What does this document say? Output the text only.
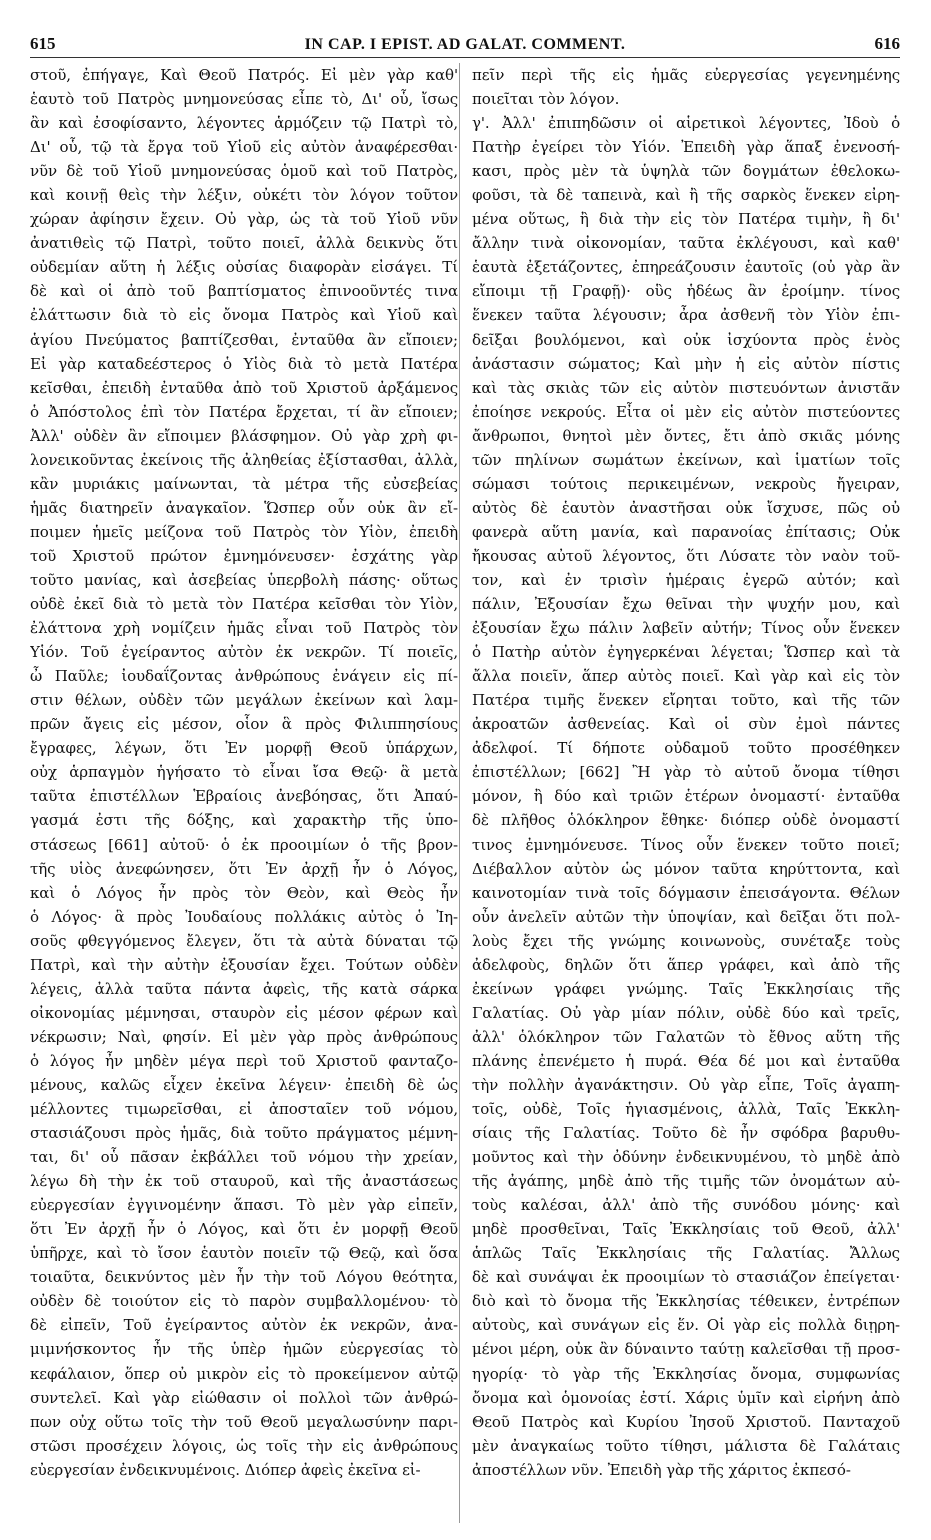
615	IN CAP. I EPIST. AD GALAT. COMMENT.	616
στοῦ, ἐπήγαγε, Καὶ Θεοῦ Πατρός. Εἰ μὲν γὰρ καθ'
ἑαυτὸ τοῦ Πατρὸς μνημονεύσας εἶπε τὸ, Δι' οὗ, ἴσως
ἂν καὶ ἐσοφίσαντο, λέγοντες ἁρμόζειν τῷ Πατρὶ τὸ,
Δι' οὗ, τῷ τὰ ἔργα τοῦ Υἱοῦ εἰς αὐτὸν ἀναφέρεσθαι·
νῦν δὲ τοῦ Υἱοῦ μνημονεύσας ὁμοῦ καὶ τοῦ Πατρὸς,
καὶ κοινῇ θεὶς τὴν λέξιν, οὐκέτι τὸν λόγον τοῦτον
χώραν ἀφίησιν ἔχειν. Οὐ γὰρ, ὡς τὰ τοῦ Υἱοῦ νῦν
ἀνατιθεὶς τῷ Πατρὶ, τοῦτο ποιεῖ, ἀλλὰ δεικνὺς ὅτι
οὐδεμίαν αὕτη ἡ λέξις οὐσίας διαφορὰν εἰσάγει. Τί
δὲ καὶ οἱ ἀπὸ τοῦ βαπτίσματος ἐπινοοῦντές τινα
ἐλάττωσιν διὰ τὸ εἰς ὄνομα Πατρὸς καὶ Υἱοῦ καὶ
ἁγίου Πνεύματος βαπτίζεσθαι, ἐνταῦθα ἂν εἴποιεν;
Εἰ γὰρ καταδεέστερος ὁ Υἱὸς διὰ τὸ μετὰ Πατέρα
κεῖσθαι, ἐπειδὴ ἐνταῦθα ἀπὸ τοῦ Χριστοῦ ἀρξάμενος
ὁ Ἀπόστολος ἐπὶ τὸν Πατέρα ἔρχεται, τί ἂν εἴποιεν;
Ἀλλ' οὐδὲν ἂν εἴποιμεν βλάσφημον. Οὐ γὰρ χρὴ φι-
λονεικοῦντας ἐκείνοις τῆς ἀληθείας ἐξίστασθαι, ἀλλὰ,
κἂν μυριάκις μαίνωνται, τὰ μέτρα τῆς εὐσεβείας
ἡμᾶς διατηρεῖν ἀναγκαῖον. Ὥσπερ οὖν οὐκ ἂν εἴ-
ποιμεν ἡμεῖς μείζονα τοῦ Πατρὸς τὸν Υἱὸν, ἐπειδὴ
τοῦ Χριστοῦ πρώτον ἐμνημόνευσεν· ἐσχάτης γὰρ
τοῦτο μανίας, καὶ ἀσεβείας ὑπερβολὴ πάσης· οὕτως
οὐδὲ ἐκεῖ διὰ τὸ μετὰ τὸν Πατέρα κεῖσθαι τὸν Υἱὸν,
ἐλάττονα χρὴ νομίζειν ἡμᾶς εἶναι τοῦ Πατρὸς τὸν
Υἱόν. Τοῦ ἐγείραντος αὐτὸν ἐκ νεκρῶν. Τί ποιεῖς,
ὦ Παῦλε; ἰουδαΐζοντας ἀνθρώπους ἐνάγειν εἰς πί-
στιν θέλων, οὐδὲν τῶν μεγάλων ἐκείνων καὶ λαμ-
πρῶν ἄγεις εἰς μέσον, οἷον ἃ πρὸς Φιλιππησίους
ἔγραφες, λέγων, ὅτι Ἐν μορφῇ Θεοῦ ὑπάρχων,
οὐχ ἁρπαγμὸν ἡγήσατο τὸ εἶναι ἴσα Θεῷ· ἃ μετὰ
ταῦτα ἐπιστέλλων Ἑβραίοις ἀνεβόησας, ὅτι Ἀπαύ-
γασμά ἐστι τῆς δόξης, καὶ χαρακτὴρ τῆς ὑπο-
στάσεως [661] αὐτοῦ· ὁ ἐκ προοιμίων ὁ τῆς βρον-
τῆς υἱὸς ἀνεφώνησεν, ὅτι Ἐν ἀρχῇ ἦν ὁ Λόγος,
καὶ ὁ Λόγος ἦν πρὸς τὸν Θεὸν, καὶ Θεὸς ἦν
ὁ Λόγος· ἃ πρὸς Ἰουδαίους πολλάκις αὐτὸς ὁ Ἰη-
σοῦς φθεγγόμενος ἔλεγεν, ὅτι τὰ αὐτὰ δύναται τῷ
Πατρὶ, καὶ τὴν αὐτὴν ἐξουσίαν ἔχει. Τούτων οὐδὲν
λέγεις, ἀλλὰ ταῦτα πάντα ἀφεὶς, τῆς κατὰ σάρκα
οἰκονομίας μέμνησαι, σταυρὸν εἰς μέσον φέρων καὶ
νέκρωσιν; Ναὶ, φησίν. Εἰ μὲν γὰρ πρὸς ἀνθρώπους
ὁ λόγος ἦν μηδὲν μέγα περὶ τοῦ Χριστοῦ φανταζο-
μένους, καλῶς εἶχεν ἐκεῖνα λέγειν· ἐπειδὴ δὲ ὡς
μέλλοντες τιμωρεῖσθαι, εἰ ἀποσταῖεν τοῦ νόμου,
στασιάζουσι πρὸς ἡμᾶς, διὰ τοῦτο πράγματος μέμνη-
ται, δι' οὗ πᾶσαν ἐκβάλλει τοῦ νόμου τὴν χρείαν,
λέγω δὴ τὴν ἐκ τοῦ σταυροῦ, καὶ τῆς ἀναστάσεως
εὐεργεσίαν ἐγγινομένην ἅπασι. Τὸ μὲν γὰρ εἰπεῖν,
ὅτι Ἐν ἀρχῇ ἦν ὁ Λόγος, καὶ ὅτι ἐν μορφῇ Θεοῦ
ὑπῆρχε, καὶ τὸ ἴσον ἑαυτὸν ποιεῖν τῷ Θεῷ, καὶ ὅσα
τοιαῦτα, δεικνύντος μὲν ἦν τὴν τοῦ Λόγου θεότητα,
οὐδὲν δὲ τοιούτον εἰς τὸ παρὸν συμβαλλομένου· τὸ
δὲ εἰπεῖν, Τοῦ ἐγείραντος αὐτὸν ἐκ νεκρῶν, ἀνα-
μιμνήσκοντος ἦν τῆς ὑπὲρ ἡμῶν εὐεργεσίας τὸ
κεφάλαιον, ὅπερ οὐ μικρὸν εἰς τὸ προκείμενον αὐτῷ
συντελεῖ. Καὶ γὰρ εἰώθασιν οἱ πολλοὶ τῶν ἀνθρώ-
πων οὐχ οὕτω τοῖς τὴν τοῦ Θεοῦ μεγαλωσύνην παρι-
στῶσι προσέχειν λόγοις, ὡς τοῖς τὴν εἰς ἀνθρώπους
εὐεργεσίαν ἐνδεικνυμένοις. Διόπερ ἀφεὶς ἐκεῖνα εἰ-
πεῖν περὶ τῆς εἰς ἡμᾶς εὐεργεσίας γεγενημένης
ποιεῖται τὸν λόγον.
γ'. Ἀλλ' ἐπιπηδῶσιν οἱ αἱρετικοὶ λέγοντες, Ἰδοὺ ὁ
Πατὴρ ἐγείρει τὸν Υἱόν. Ἐπειδὴ γὰρ ἅπαξ ἐνενοσή-
κασι, πρὸς μὲν τὰ ὑψηλὰ τῶν δογμάτων ἐθελοκω-
φοῦσι, τὰ δὲ ταπεινὰ, καὶ ἢ τῆς σαρκὸς ἕνεκεν εἰρη-
μένα οὕτως, ἢ διὰ τὴν εἰς τὸν Πατέρα τιμὴν, ἢ δι'
ἄλλην τινὰ οἰκονομίαν, ταῦτα ἐκλέγουσι, καὶ καθ'
ἑαυτὰ ἐξετάζοντες, ἐπηρεάζουσιν ἑαυτοῖς (οὐ γὰρ ἂν
εἴποιμι τῇ Γραφῇ)· οὓς ἡδέως ἂν ἐροίμην. τίνος
ἕνεκεν ταῦτα λέγουσιν; ἆρα ἀσθενῆ τὸν Υἱὸν ἐπι-
δεῖξαι βουλόμενοι, καὶ οὐκ ἰσχύοντα πρὸς ἑνὸς
ἀνάστασιν σώματος; Καὶ μὴν ἡ εἰς αὐτὸν πίστις
καὶ τὰς σκιὰς τῶν εἰς αὐτὸν πιστευόντων ἀνιστᾶν
ἐποίησε νεκρούς. Εἶτα οἱ μὲν εἰς αὐτὸν πιστεύοντες
ἄνθρωποι, θνητοὶ μὲν ὄντες, ἔτι ἀπὸ σκιᾶς μόνης
τῶν πηλίνων σωμάτων ἐκείνων, καὶ ἱματίων τοῖς
σώμασι τούτοις περικειμένων, νεκροὺς ἤγειραν,
αὐτὸς δὲ ἑαυτὸν ἀναστῆσαι οὐκ ἴσχυσε, πῶς οὐ
φανερὰ αὕτη μανία, καὶ παρανοίας ἐπίτασις; Οὐκ
ἤκουσας αὐτοῦ λέγοντος, ὅτι Λύσατε τὸν ναὸν τοῦ-
τον, καὶ ἐν τρισὶν ἡμέραις ἐγερῶ αὐτόν; καὶ
πάλιν, Ἐξουσίαν ἔχω θεῖναι τὴν ψυχήν μου, καὶ
ἐξουσίαν ἔχω πάλιν λαβεῖν αὐτήν; Τίνος οὖν ἕνεκεν
ὁ Πατὴρ αὐτὸν ἐγηγερκέναι λέγεται; Ὥσπερ καὶ τὰ
ἄλλα ποιεῖν, ἅπερ αὐτὸς ποιεῖ. Καὶ γὰρ καὶ εἰς τὸν
Πατέρα τιμῆς ἕνεκεν εἴρηται τοῦτο, καὶ τῆς τῶν
ἀκροατῶν ἀσθενείας. Καὶ οἱ σὺν ἐμοὶ πάντες
ἀδελφοί. Τί δήποτε οὐδαμοῦ τοῦτο προσέθηκεν
ἐπιστέλλων; [662] Ἢ γὰρ τὸ αὐτοῦ ὄνομα τίθησι
μόνον, ἢ δύο καὶ τριῶν ἑτέρων ὀνομαστί· ἐνταῦθα
δὲ πλῆθος ὁλόκληρον ἔθηκε· διόπερ οὐδὲ ὀνομαστί
τινος ἐμνημόνευσε. Τίνος οὖν ἕνεκεν τοῦτο ποιεῖ;
Διέβαλλον αὐτὸν ὡς μόνον ταῦτα κηρύττοντα, καὶ
καινοτομίαν τινὰ τοῖς δόγμασιν ἐπεισάγοντα. Θέλων
οὖν ἀνελεῖν αὐτῶν τὴν ὑποψίαν, καὶ δεῖξαι ὅτι πολ-
λοὺς ἔχει τῆς γνώμης κοινωνοὺς, συνέταξε τοὺς
ἀδελφοὺς, δηλῶν ὅτι ἅπερ γράφει, καὶ ἀπὸ τῆς
ἐκείνων γράφει γνώμης. Ταῖς Ἐκκλησίαις τῆς
Γαλατίας. Οὐ γὰρ μίαν πόλιν, οὐδὲ δύο καὶ τρεῖς,
ἀλλ' ὁλόκληρον τῶν Γαλατῶν τὸ ἔθνος αὕτη τῆς
πλάνης ἐπενέμετο ἡ πυρά. Θέα δέ μοι καὶ ἐνταῦθα
τὴν πολλὴν ἀγανάκτησιν. Οὐ γὰρ εἶπε, Τοῖς ἀγαπη-
τοῖς, οὐδὲ, Τοῖς ἡγιασμένοις, ἀλλὰ, Ταῖς Ἐκκλη-
σίαις τῆς Γαλατίας. Τοῦτο δὲ ἦν σφόδρα βαρυθυ-
μοῦντος καὶ τὴν ὀδύνην ἐνδεικνυμένου, τὸ μηδὲ ἀπὸ
τῆς ἀγάπης, μηδὲ ἀπὸ τῆς τιμῆς τῶν ὀνομάτων αὐ-
τοὺς καλέσαι, ἀλλ' ἀπὸ τῆς συνόδου μόνης· καὶ
μηδὲ προσθεῖναι, Ταῖς Ἐκκλησίαις τοῦ Θεοῦ, ἀλλ'
ἁπλῶς Ταῖς Ἐκκλησίαις τῆς Γαλατίας. Ἄλλως
δὲ καὶ συνάψαι ἐκ προοιμίων τὸ στασιάζον ἐπείγεται·
διὸ καὶ τὸ ὄνομα τῆς Ἐκκλησίας τέθεικεν, ἐντρέπων
αὐτοὺς, καὶ συνάγων εἰς ἕν. Οἱ γὰρ εἰς πολλὰ διῃρη-
μένοι μέρη, οὐκ ἂν δύναιντο ταύτῃ καλεῖσθαι τῇ προσ-
ηγορίᾳ· τὸ γὰρ τῆς Ἐκκλησίας ὄνομα, συμφωνίας
ὄνομα καὶ ὁμονοίας ἐστί. Χάρις ὑμῖν καὶ εἰρήνη ἀπὸ
Θεοῦ Πατρὸς καὶ Κυρίου Ἰησοῦ Χριστοῦ. Πανταχοῦ
μὲν ἀναγκαίως τοῦτο τίθησι, μάλιστα δὲ Γαλάταις
ἀποστέλλων νῦν. Ἐπειδὴ γὰρ τῆς χάριτος ἐκπεσό-
